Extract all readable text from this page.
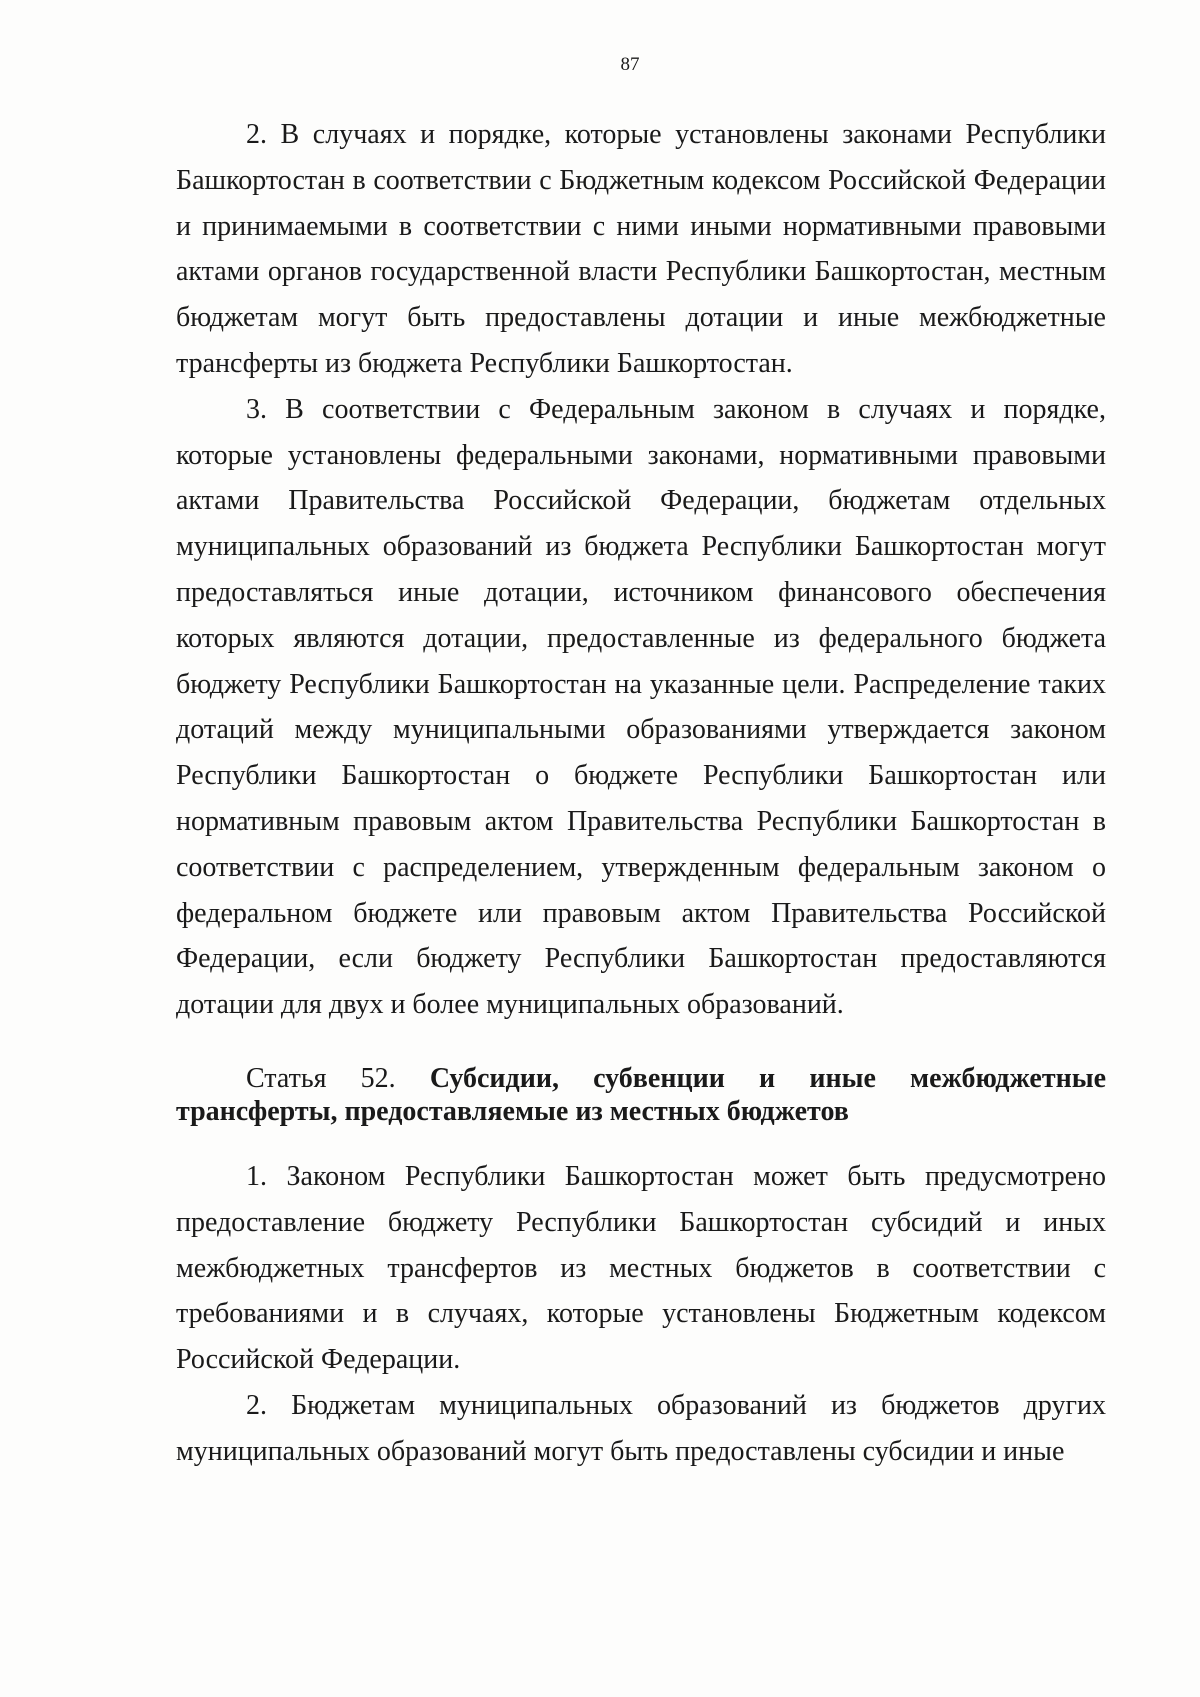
87

2. В случаях и порядке, которые установлены законами Республики Башкортостан в соответствии с Бюджетным кодексом Российской Федерации и принимаемыми в соответствии с ними иными нормативными правовыми актами органов государственной власти Республики Башкортостан, местным бюджетам могут быть предоставлены дотации и иные межбюджетные трансферты из бюджета Республики Башкортостан.

3. В соответствии с Федеральным законом в случаях и порядке, которые установлены федеральными законами, нормативными правовыми актами Правительства Российской Федерации, бюджетам отдельных муниципальных образований из бюджета Республики Башкортостан могут предоставляться иные дотации, источником финансового обеспечения которых являются дотации, предоставленные из федерального бюджета бюджету Республики Башкортостан на указанные цели. Распределение таких дотаций между муниципальными образованиями утверждается законом Республики Башкортостан о бюджете Республики Башкортостан или нормативным правовым актом Правительства Республики Башкортостан в соответствии с распределением, утвержденным федеральным законом о федеральном бюджете или правовым актом Правительства Российской Федерации, если бюджету Республики Башкортостан предоставляются дотации для двух и более муниципальных образований.

Статья 52. Субсидии, субвенции и иные межбюджетные трансферты, предоставляемые из местных бюджетов

1. Законом Республики Башкортостан может быть предусмотрено предоставление бюджету Республики Башкортостан субсидий и иных межбюджетных трансфертов из местных бюджетов в соответствии с требованиями и в случаях, которые установлены Бюджетным кодексом Российской Федерации.

2. Бюджетам муниципальных образований из бюджетов других муниципальных образований могут быть предоставлены субсидии и иные
